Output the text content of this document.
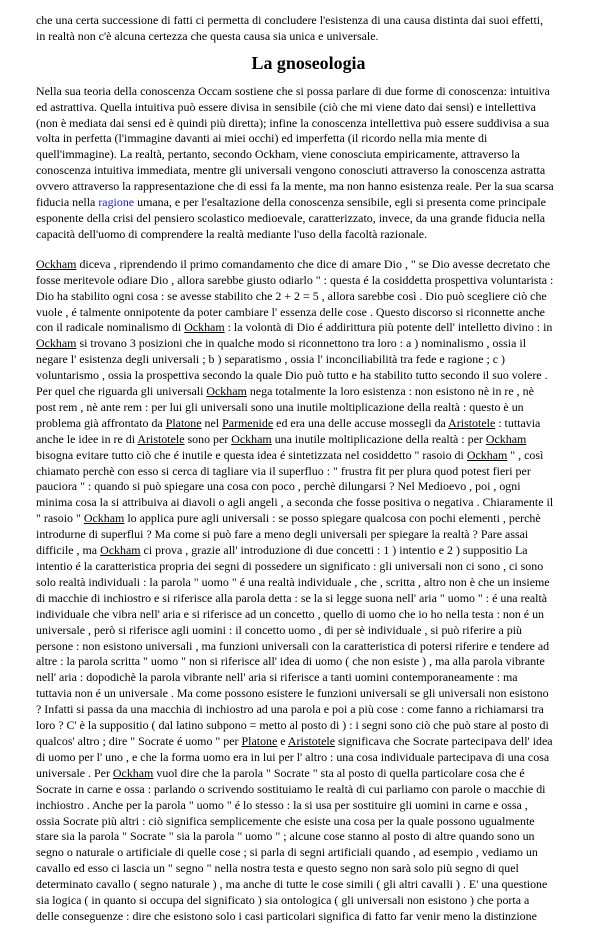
che una certa successione di fatti ci permetta di concludere l'esistenza di una causa distinta dai suoi effetti,
in realtà non c'è alcuna certezza che questa causa sia unica e universale.

La gnoseologia

Nella sua teoria della conoscenza Occam sostiene che si possa parlare di due forme di conoscenza: intuitiva
ed astrattiva. Quella intuitiva può essere divisa in sensibile (ciò che mi viene dato dai sensi) e intellettiva
(non è mediata dai sensi ed è quindi più diretta); infine la conoscenza intellettiva può essere suddivisa a sua
volta in perfetta (l'immagine davanti ai miei occhi) ed imperfetta (il ricordo nella mia mente di
quell'immagine). La realtà, pertanto, secondo Ockham, viene conosciuta empiricamente, attraverso la
conoscenza intuitiva immediata, mentre gli universali vengono conosciuti attraverso la conoscenza astratta
ovvero attraverso la rappresentazione che di essi fa la mente, ma non hanno esistenza reale. Per la sua scarsa
fiducia nella ragione umana, e per l'esaltazione della conoscenza sensibile, egli si presenta come principale
esponente della crisi del pensiero scolastico medioevale, caratterizzato, invece, da una grande fiducia nella
capacità dell'uomo di comprendere la realtà mediante l'uso della facoltà razionale.

Ockham diceva , riprendendo il primo comandamento che dice di amare Dio , " se Dio avesse decretato che
fosse meritevole odiare Dio , allora sarebbe giusto odiarlo " : questa é la cosiddetta prospettiva voluntarista :
Dio ha stabilito ogni cosa : se avesse stabilito che 2 + 2 = 5 , allora sarebbe così . Dio può scegliere ciò che
vuole , é talmente onnipotente da poter cambiare l' essenza delle cose . Questo discorso si riconnette anche
con il radicale nominalismo di Ockham : la volontà di Dio é addirittura più potente dell' intelletto divino : in
Ockham si trovano 3 posizioni che in qualche modo si riconnettono tra loro : a ) nominalismo , ossia il
negare l' esistenza degli universali ; b ) separatismo , ossia l' inconciliabilità tra fede e ragione ; c )
voluntarismo , ossia la prospettiva secondo la quale Dio può tutto e ha stabilito tutto secondo il suo volere .
Per quel che riguarda gli universali Ockham nega totalmente la loro esistenza : non esistono nè in re , nè
post rem , nè ante rem : per lui gli universali sono una inutile moltiplicazione della realtà : questo è un
problema già affrontato da Platone nel Parmenide ed era una delle accuse mossegli da Aristotele : tuttavia
anche le idee in re di Aristotele sono per Ockham una inutile moltiplicazione della realtà : per Ockham
bisogna evitare tutto ciò che é inutile e questa idea é sintetizzata nel cosiddetto " rasoio di Ockham " , così
chiamato perchè con esso si cerca di tagliare via il superfluo : " frustra fit per plura quod potest fieri per
pauciora " : quando si può spiegare una cosa con poco , perchè dilungarsi ? Nel Medioevo , poi , ogni
minima cosa la si attribuiva ai diavoli o agli angeli , a seconda che fosse positiva o negativa . Chiaramente il
" rasoio " Ockham lo applica pure agli universali : se posso spiegare qualcosa con pochi elementi , perchè
introdurne di superflui ? Ma come si può fare a meno degli universali per spiegare la realtà ? Pare assai
difficile , ma Ockham ci prova , grazie all' introduzione di due concetti : 1 ) intentio e 2 ) suppositio La
intentio é la caratteristica propria dei segni di possedere un significato : gli universali non ci sono , ci sono
solo realtà individuali : la parola " uomo " é una realtà individuale , che , scritta , altro non è che un insieme
di macchie di inchiostro e si riferisce alla parola detta : se la si legge suona nell' aria " uomo " : é una realtà
individuale che vibra nell' aria e si riferisce ad un concetto , quello di uomo che io ho nella testa : non é un
universale , però si riferisce agli uomini : il concetto uomo , di per sè individuale , si può riferire a più
persone : non esistono universali , ma funzioni universali con la caratteristica di potersi riferire e tendere ad
altre : la parola scritta " uomo " non si riferisce all' idea di uomo ( che non esiste ) , ma alla parola vibrante
nell' aria : dopodichè la parola vibrante nell' aria si riferisce a tanti uomini contemporaneamente : ma
tuttavia non é un universale . Ma come possono esistere le funzioni universali se gli universali non esistono
? Infatti si passa da una macchia di inchiostro ad una parola e poi a più cose : come fanno a richiamarsi tra
loro ? C' è la suppositio ( dal latino subpono = metto al posto di ) : i segni sono ciò che può stare al posto di
qualcos' altro ; dire " Socrate é uomo " per Platone e Aristotele significava che Socrate partecipava dell' idea
di uomo per l' uno , e che la forma uomo era in lui per l' altro : una cosa individuale partecipava di una cosa
universale . Per Ockham vuol dire che la parola " Socrate " sta al posto di quella particolare cosa che é
Socrate in carne e ossa : parlando o scrivendo sostituiamo le realtà di cui parliamo con parole o macchie di
inchiostro . Anche per la parola " uomo " é lo stesso : la si usa per sostituire gli uomini in carne e ossa ,
ossia Socrate più altri : ciò significa semplicemente che esiste una cosa per la quale possono ugualmente
stare sia la parola " Socrate " sia la parola " uomo " ; alcune cose stanno al posto di altre quando sono un
segno o naturale o artificiale di quelle cose ; si parla di segni artificiali quando , ad esempio , vediamo un
cavallo ed esso ci lascia un " segno " nella nostra testa e questo segno non sarà solo più segno di quel
determinato cavallo ( segno naturale ) , ma anche di tutte le cose simili ( gli altri cavalli ) . E' una questione
sia logica ( in quanto si occupa del significato ) sia ontologica ( gli universali non esistono ) che porta a
delle conseguenze : dire che esistono solo i casi particolari significa di fatto far venir meno la distinzione
